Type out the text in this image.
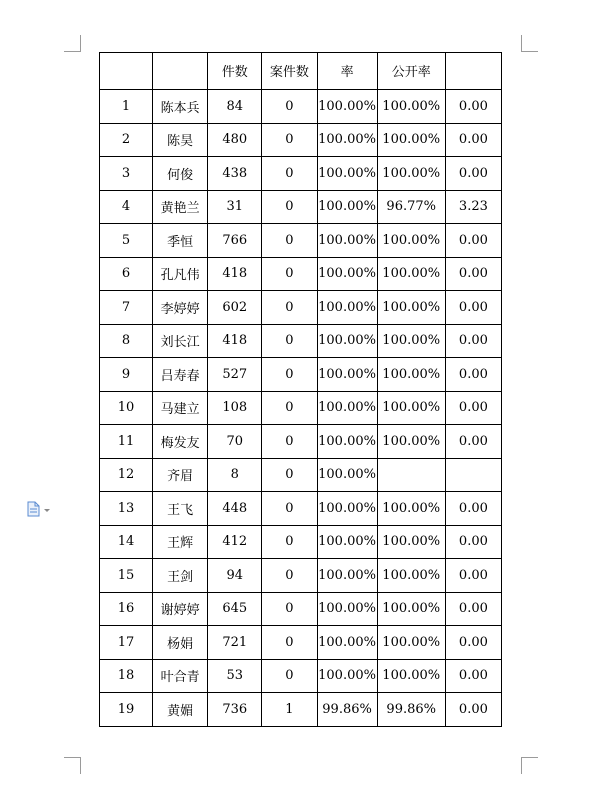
		件数	案件数	率	公开率	
1	陈本兵	84	0	100.00%	100.00%	0.00
2	陈昊	480	0	100.00%	100.00%	0.00
3	何俊	438	0	100.00%	100.00%	0.00
4	黄艳兰	31	0	100.00%	96.77%	3.23
5	季恒	766	0	100.00%	100.00%	0.00
6	孔凡伟	418	0	100.00%	100.00%	0.00
7	李婷婷	602	0	100.00%	100.00%	0.00
8	刘长江	418	0	100.00%	100.00%	0.00
9	吕寿春	527	0	100.00%	100.00%	0.00
10	马建立	108	0	100.00%	100.00%	0.00
11	梅发友	70	0	100.00%	100.00%	0.00
12	齐眉	8	0	100.00%		
13	王飞	448	0	100.00%	100.00%	0.00
14	王辉	412	0	100.00%	100.00%	0.00
15	王剑	94	0	100.00%	100.00%	0.00
16	谢婷婷	645	0	100.00%	100.00%	0.00
17	杨娟	721	0	100.00%	100.00%	0.00
18	叶合青	53	0	100.00%	100.00%	0.00
19	黄媚	736	1	99.86%	99.86%	0.00
